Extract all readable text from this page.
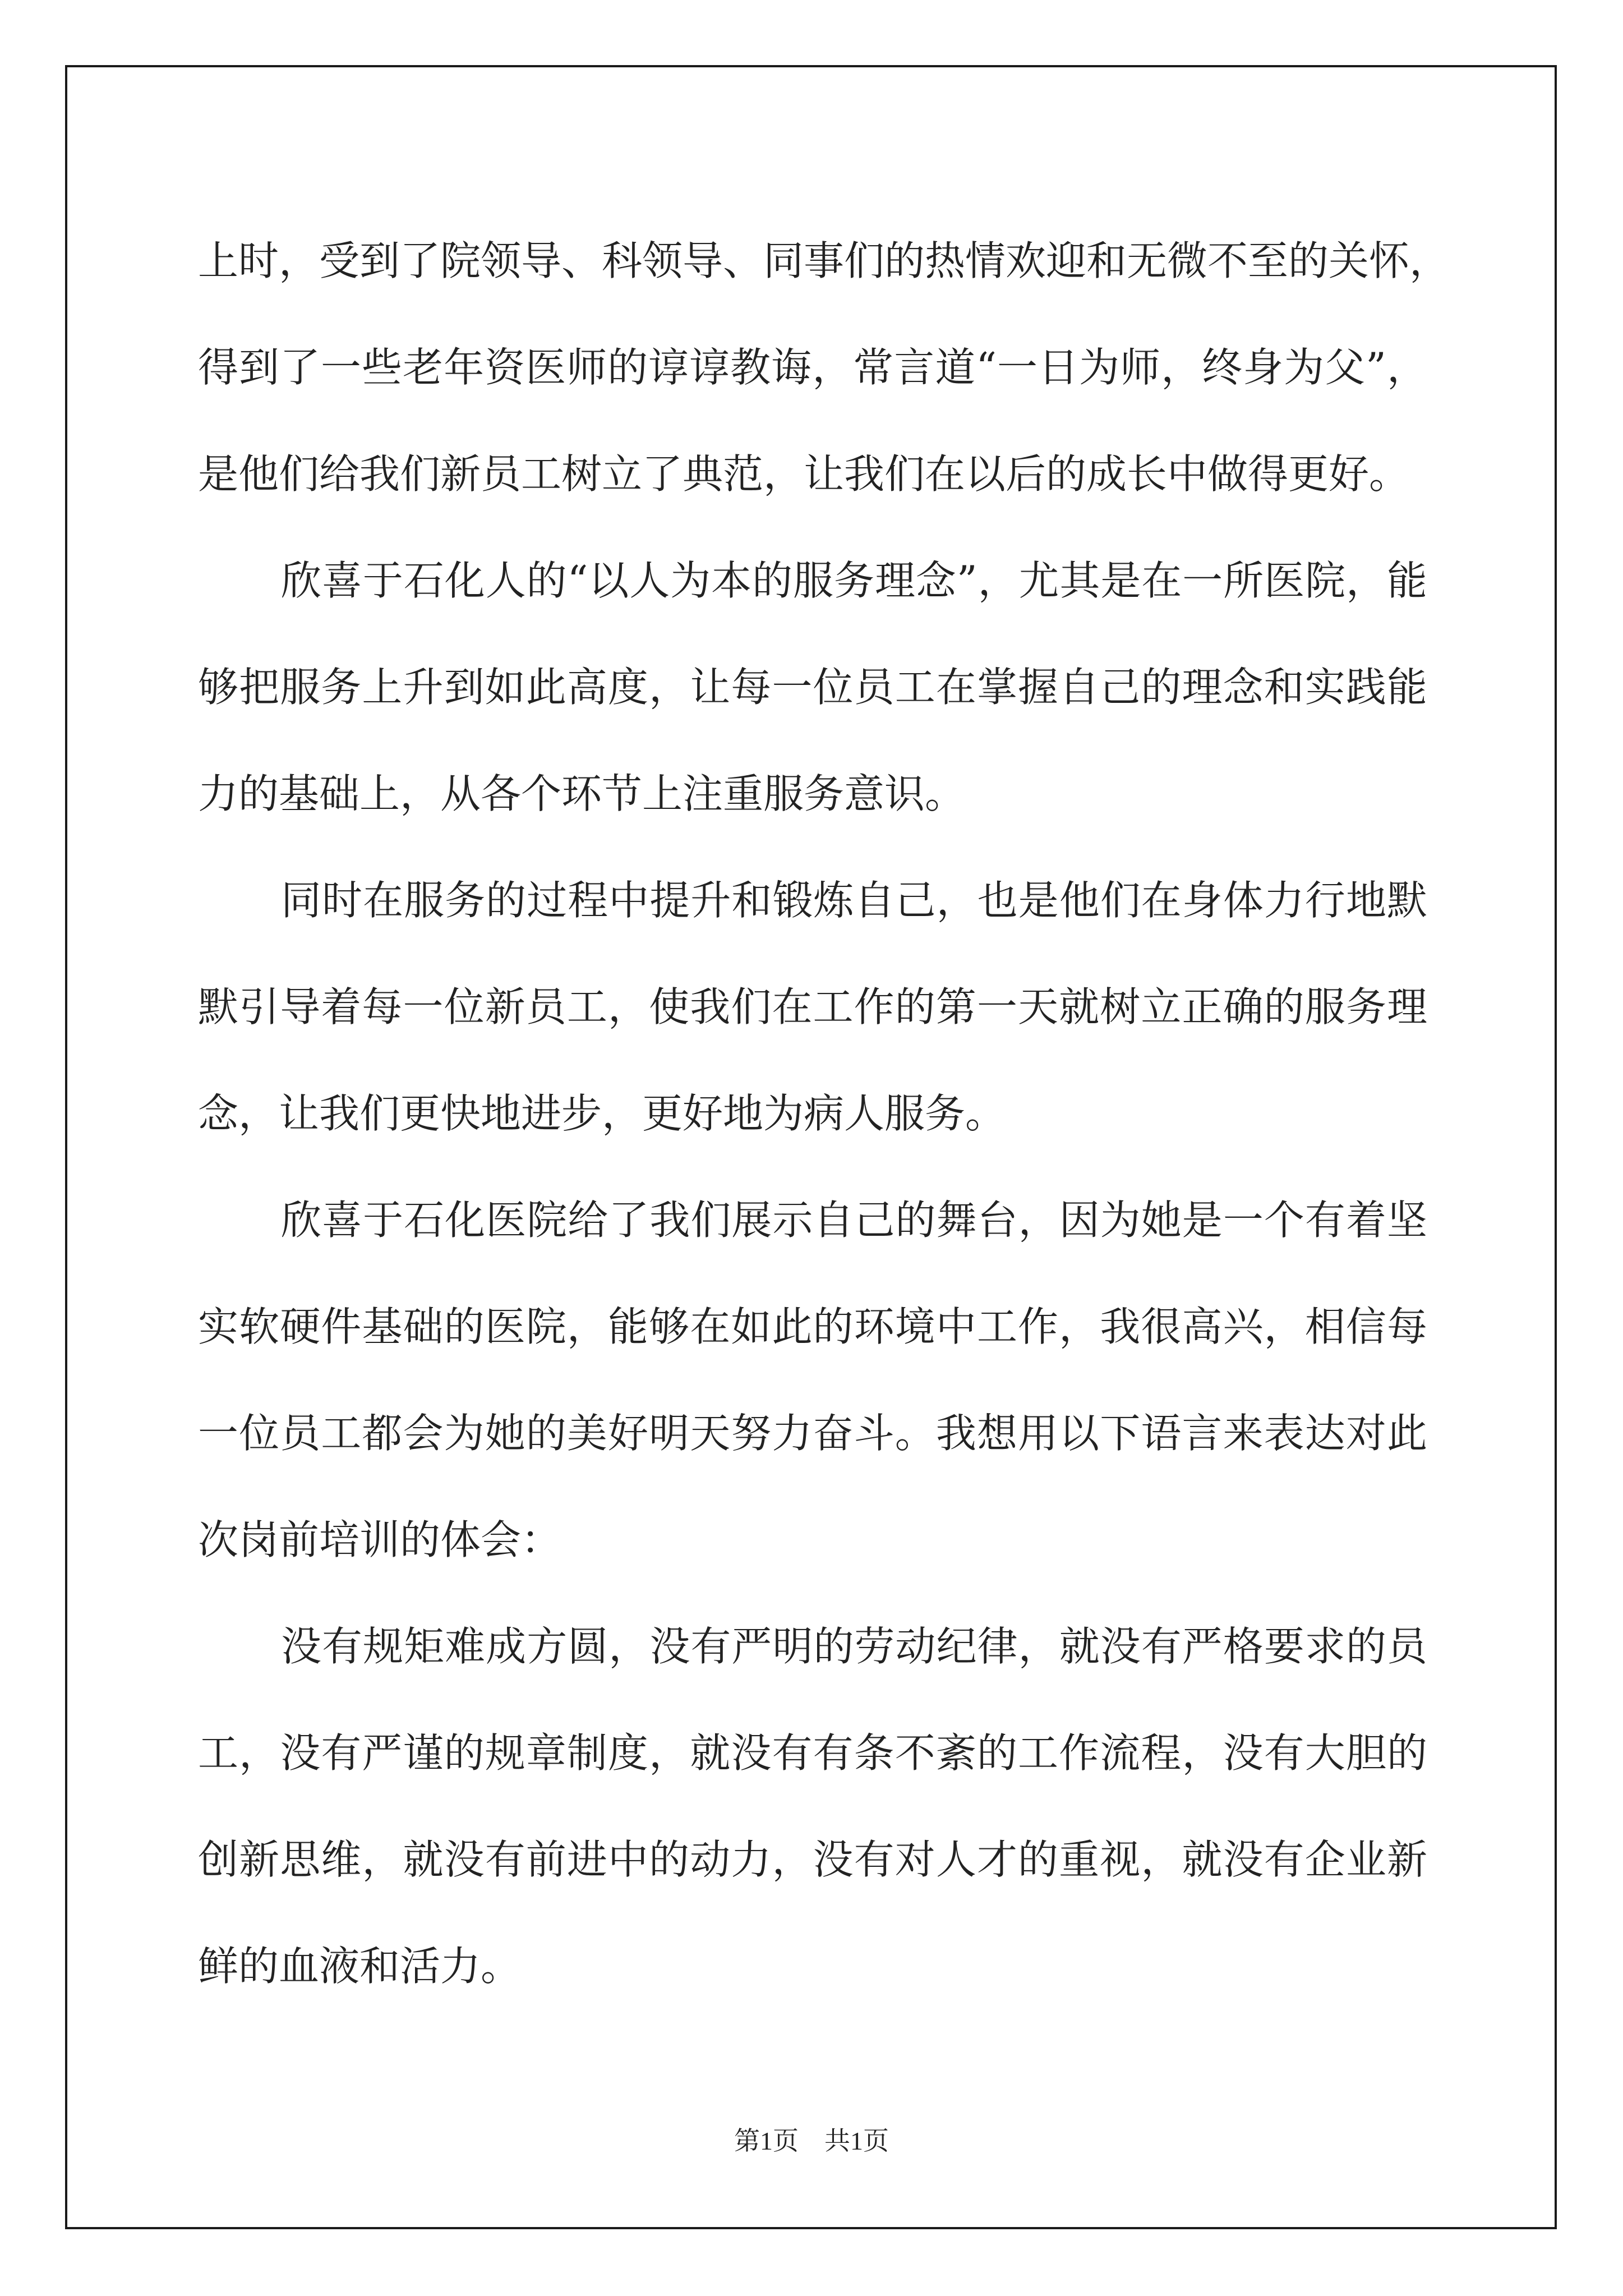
上时，受到了院领导、科领导、同事们的热情欢迎和无微不至的关怀，
得到了一些老年资医师的谆谆教诲，常言道“一日为师，终身为父”，
是他们给我们新员工树立了典范，让我们在以后的成长中做得更好。
欣喜于石化人的“以人为本的服务理念”，尤其是在一所医院，能
够把服务上升到如此高度，让每一位员工在掌握自己的理念和实践能
力的基础上，从各个环节上注重服务意识。
同时在服务的过程中提升和锻炼自己，也是他们在身体力行地默
默引导着每一位新员工，使我们在工作的第一天就树立正确的服务理
念，让我们更快地进步，更好地为病人服务。
欣喜于石化医院给了我们展示自己的舞台，因为她是一个有着坚
实软硬件基础的医院，能够在如此的环境中工作，我很高兴，相信每
一位员工都会为她的美好明天努力奋斗。我想用以下语言来表达对此
次岗前培训的体会：
没有规矩难成方圆，没有严明的劳动纪律，就没有严格要求的员
工，没有严谨的规章制度，就没有有条不紊的工作流程，没有大胆的
创新思维，就没有前进中的动力，没有对人才的重视，就没有企业新
鲜的血液和活力。
第1页　共1页
